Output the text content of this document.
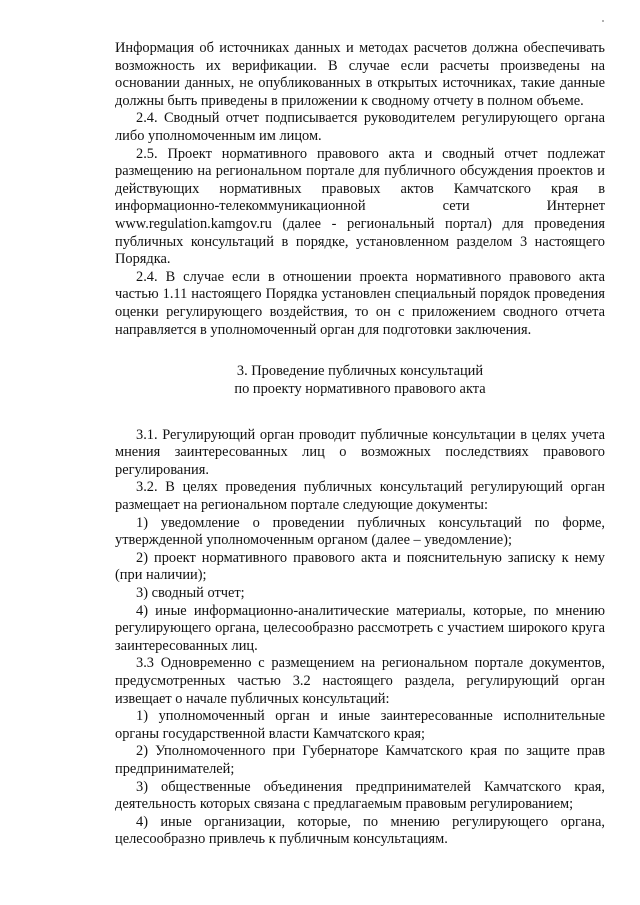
Информация об источниках данных и методах расчетов должна обеспечивать возможность их верификации. В случае если расчеты произведены на основании данных, не опубликованных в открытых источниках, такие данные должны быть приведены в приложении к сводному отчету в полном объеме.

2.4. Сводный отчет подписывается руководителем регулирующего органа либо уполномоченным им лицом.

2.5. Проект нормативного правового акта и сводный отчет подлежат размещению на региональном портале для публичного обсуждения проектов и действующих нормативных правовых актов Камчатского края в информационно-телекоммуникационной сети Интернет www.regulation.kamgov.ru (далее - региональный портал) для проведения публичных консультаций в порядке, установленном разделом 3 настоящего Порядка.

2.4. В случае если в отношении проекта нормативного правового акта частью 1.11 настоящего Порядка установлен специальный порядок проведения оценки регулирующего воздействия, то он с приложением сводного отчета направляется в уполномоченный орган для подготовки заключения.

3. Проведение публичных консультаций
по проекту нормативного правового акта

3.1. Регулирующий орган проводит публичные консультации в целях учета мнения заинтересованных лиц о возможных последствиях правового регулирования.

3.2. В целях проведения публичных консультаций регулирующий орган размещает на региональном портале следующие документы:

1) уведомление о проведении публичных консультаций по форме, утвержденной уполномоченным органом (далее – уведомление);

2) проект нормативного правового акта и пояснительную записку к нему (при наличии);

3) сводный отчет;

4) иные информационно-аналитические материалы, которые, по мнению регулирующего органа, целесообразно рассмотреть с участием широкого круга заинтересованных лиц.

3.3 Одновременно с размещением на региональном портале документов, предусмотренных частью 3.2 настоящего раздела, регулирующий орган извещает о начале публичных консультаций:

1) уполномоченный орган и иные заинтересованные исполнительные органы государственной власти Камчатского края;

2) Уполномоченного при Губернаторе Камчатского края по защите прав предпринимателей;

3) общественные объединения предпринимателей Камчатского края, деятельность которых связана с предлагаемым правовым регулированием;

4) иные организации, которые, по мнению регулирующего органа, целесообразно привлечь к публичным консультациям.
